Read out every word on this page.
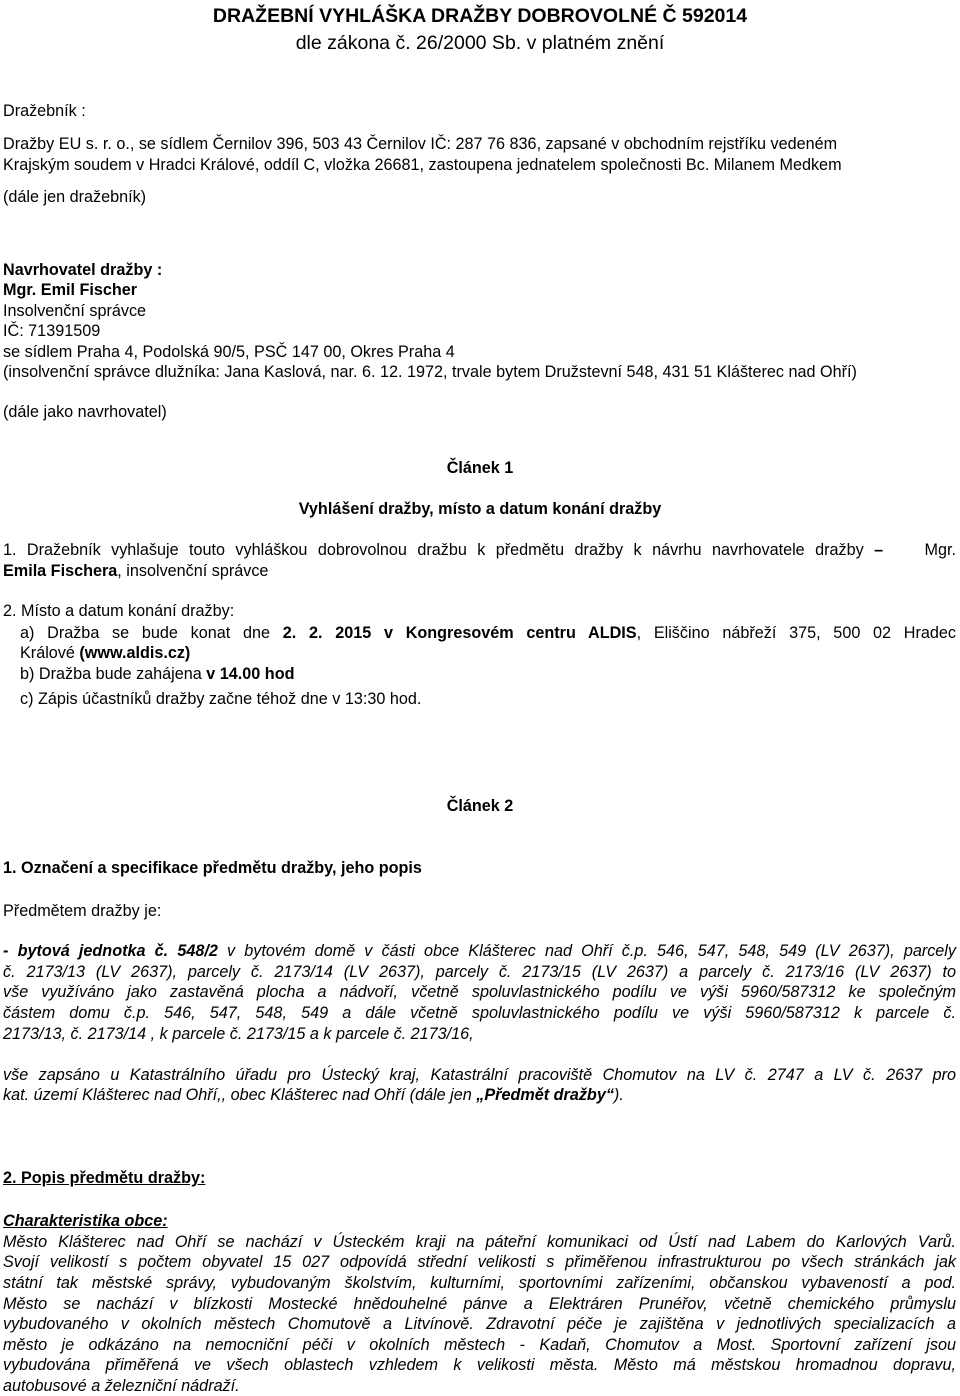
DRAŽEBNÍ VYHLÁŠKA DRAŽBY DOBROVOLNÉ Č 592014
dle zákona č. 26/2000 Sb. v platném znění
Dražebník :
Dražby EU s. r. o., se sídlem Černilov 396, 503 43 Černilov IČ: 287 76 836, zapsané v obchodním rejstříku vedeném
Krajským soudem v Hradci Králové, oddíl C, vložka 26681, zastoupena jednatelem společnosti Bc. Milanem Medkem
(dále jen dražebník)
Navrhovatel dražby :
Mgr. Emil Fischer
Insolvenční správce
IČ: 71391509
se sídlem Praha 4, Podolská 90/5, PSČ 147 00, Okres Praha 4
(insolvenční správce dlužníka: Jana Kaslová, nar. 6. 12. 1972, trvale bytem Družstevní 548, 431 51 Klášterec nad Ohří)
(dále jako navrhovatel)
Článek 1
Vyhlášení dražby, místo a datum konání dražby
1. Dražebník vyhlašuje touto vyhláškou dobrovolnou dražbu k předmětu dražby k návrhu navrhovatele dražby –	Mgr.
Emila Fischera, insolvenční správce
2. Místo a datum konání dražby:
a) Dražba se bude konat dne 2. 2. 2015 v Kongresovém centru ALDIS, Eliščino nábřeží 375, 500 02 Hradec
Králové (www.aldis.cz)
b) Dražba bude zahájena v 14.00 hod
c) Zápis účastníků dražby začne téhož dne v 13:30 hod.
Článek 2
1. Označení a specifikace předmětu dražby, jeho popis
Předmětem dražby je:
- bytová jednotka č. 548/2 v bytovém domě v části obce Klášterec nad Ohří č.p. 546, 547, 548, 549 (LV 2637), parcely
č. 2173/13 (LV 2637), parcely č. 2173/14 (LV 2637), parcely č. 2173/15 (LV 2637) a parcely č. 2173/16 (LV 2637) to
vše využíváno jako zastavěná plocha a nádvoří, včetně spoluvlastnického podílu ve výši 5960/587312 ke společným
částem domu č.p. 546, 547, 548, 549 a dále včetně spoluvlastnického podílu ve výši 5960/587312 k parcele č.
2173/13, č. 2173/14 , k parcele č. 2173/15 a k parcele č. 2173/16,
vše zapsáno u Katastrálního úřadu pro Ústecký kraj, Katastrální pracoviště Chomutov na LV č. 2747 a LV č. 2637 pro
kat. území Klášterec nad Ohří,, obec Klášterec nad Ohří (dále jen „Předmět dražby“).
2. Popis předmětu dražby:
Charakteristika obce:
Město Klášterec nad Ohří se nachází v Ústeckém kraji na páteřní komunikaci od Ústí nad Labem do Karlových Varů.
Svojí velikostí s počtem obyvatel 15 027 odpovídá střední velikosti s přiměřenou infrastrukturou po všech stránkách jak
státní tak městské správy, vybudovaným školstvím, kulturními, sportovními zařízeními, občanskou vybaveností a pod.
Město se nachází v blízkosti Mostecké hnědouhelné pánve a Elektráren Prunéřov, včetně chemického průmyslu
vybudovaného v okolních městech Chomutově a Litvínově. Zdravotní péče je zajištěna v jednotlivých specializacích a
město je odkázáno na nemocniční péči v okolních městech - Kadaň, Chomutov a Most. Sportovní zařízení jsou
vybudována přiměřená ve všech oblastech vzhledem k velikosti města. Město má městskou hromadnou dopravu,
autobusové a železniční nádraží.
